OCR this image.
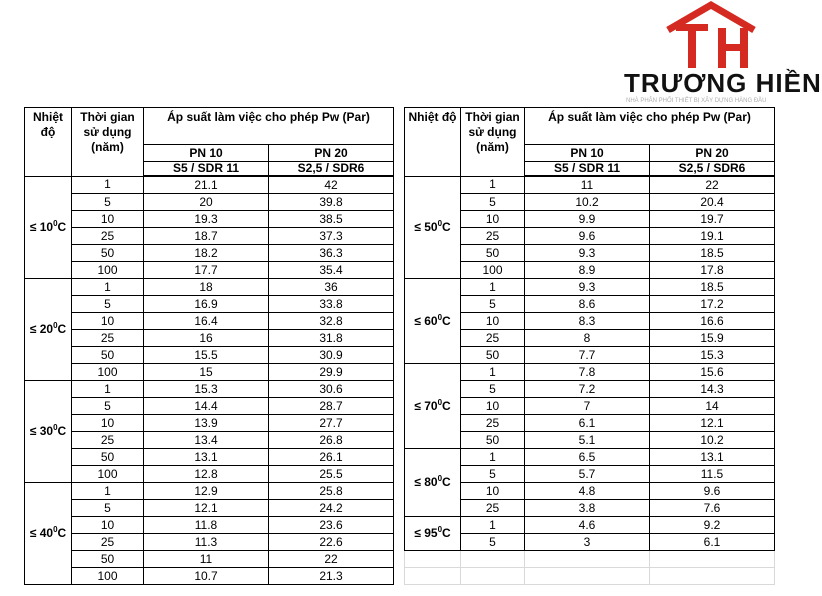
TRƯƠNG HIỀN
NHÀ PHÂN PHỐI THIẾT BỊ XÂY DỰNG HÀNG ĐẦU
Nhiệt độ	Thời gian sử dụng (năm)	Áp suất làm việc cho phép Pw (Par)	
		PN 10	PN 20
		S5 / SDR 11	S2,5 / SDR6
≤ $10^0C$	1	21.1	42
	5	20	39.8
	10	19.3	38.5
	25	18.7	37.3
	50	18.2	36.3
	100	17.7	35.4
≤ $20^0C$	1	18	36
	5	16.9	33.8
	10	16.4	32.8
	25	16	31.8
	50	15.5	30.9
	100	15	29.9
≤ $30^0C$	1	15.3	30.6
	5	14.4	28.7
	10	13.9	27.7
	25	13.4	26.8
	50	13.1	26.1
	100	12.8	25.5
≤ $40^0C$	1	12.9	25.8
	5	12.1	24.2
	10	11.8	23.6
	25	11.3	22.6
	50	11	22
	100	10.7	21.3
Nhiệt độ	Thời gian sử dụng (năm)	Áp suất làm việc cho phép Pw (Par)	
		PN 10	PN 20
		S5 / SDR 11	S2,5 / SDR6
≤ $50^0C$	1	11	22
	5	10.2	20.4
	10	9.9	19.7
	25	9.6	19.1
	50	9.3	18.5
	100	8.9	17.8
≤ $60^0C$	1	9.3	18.5
	5	8.6	17.2
	10	8.3	16.6
	25	8	15.9
	50	7.7	15.3
≤ $70^0C$	1	7.8	15.6
	5	7.2	14.3
	10	7	14
	25	6.1	12.1
	50	5.1	10.2
≤ $80^0C$	1	6.5	13.1
	5	5.7	11.5
	10	4.8	9.6
	25	3.8	7.6
≤ $95^0C$	1	4.6	9.2
	5	3	6.1
